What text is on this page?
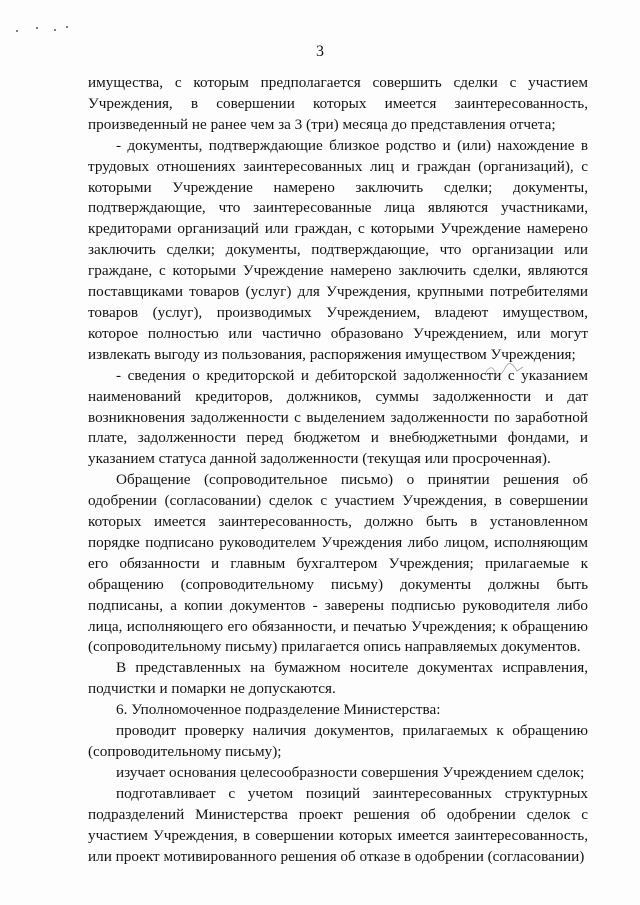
3

имущества, с которым предполагается совершить сделки с участием Учреждения, в совершении которых имеется заинтересованность, произведенный не ранее чем за 3 (три) месяца до представления отчета;

- документы, подтверждающие близкое родство и (или) нахождение в трудовых отношениях заинтересованных лиц и граждан (организаций), с которыми Учреждение намерено заключить сделки; документы, подтверждающие, что заинтересованные лица являются участниками, кредиторами организаций или граждан, с которыми Учреждение намерено заключить сделки; документы, подтверждающие, что организации или граждане, с которыми Учреждение намерено заключить сделки, являются поставщиками товаров (услуг) для Учреждения, крупными потребителями товаров (услуг), производимых Учреждением, владеют имуществом, которое полностью или частично образовано Учреждением, или могут извлекать выгоду из пользования, распоряжения имуществом Учреждения;

- сведения о кредиторской и дебиторской задолженности с указанием наименований кредиторов, должников, суммы задолженности и дат возникновения задолженности с выделением задолженности по заработной плате, задолженности перед бюджетом и внебюджетными фондами, и указанием статуса данной задолженности (текущая или просроченная).

Обращение (сопроводительное письмо) о принятии решения об одобрении (согласовании) сделок с участием Учреждения, в совершении которых имеется заинтересованность, должно быть в установленном порядке подписано руководителем Учреждения либо лицом, исполняющим его обязанности и главным бухгалтером Учреждения; прилагаемые к обращению (сопроводительному письму) документы должны быть подписаны, а копии документов - заверены подписью руководителя либо лица, исполняющего его обязанности, и печатью Учреждения; к обращению (сопроводительному письму) прилагается опись направляемых документов.

В представленных на бумажном носителе документах исправления, подчистки и помарки не допускаются.

6. Уполномоченное подразделение Министерства:

проводит проверку наличия документов, прилагаемых к обращению (сопроводительному письму);

изучает основания целесообразности совершения Учреждением сделок;

подготавливает с учетом позиций заинтересованных структурных подразделений Министерства проект решения об одобрении сделок с участием Учреждения, в совершении которых имеется заинтересованность, или проект мотивированного решения об отказе в одобрении (согласовании)
